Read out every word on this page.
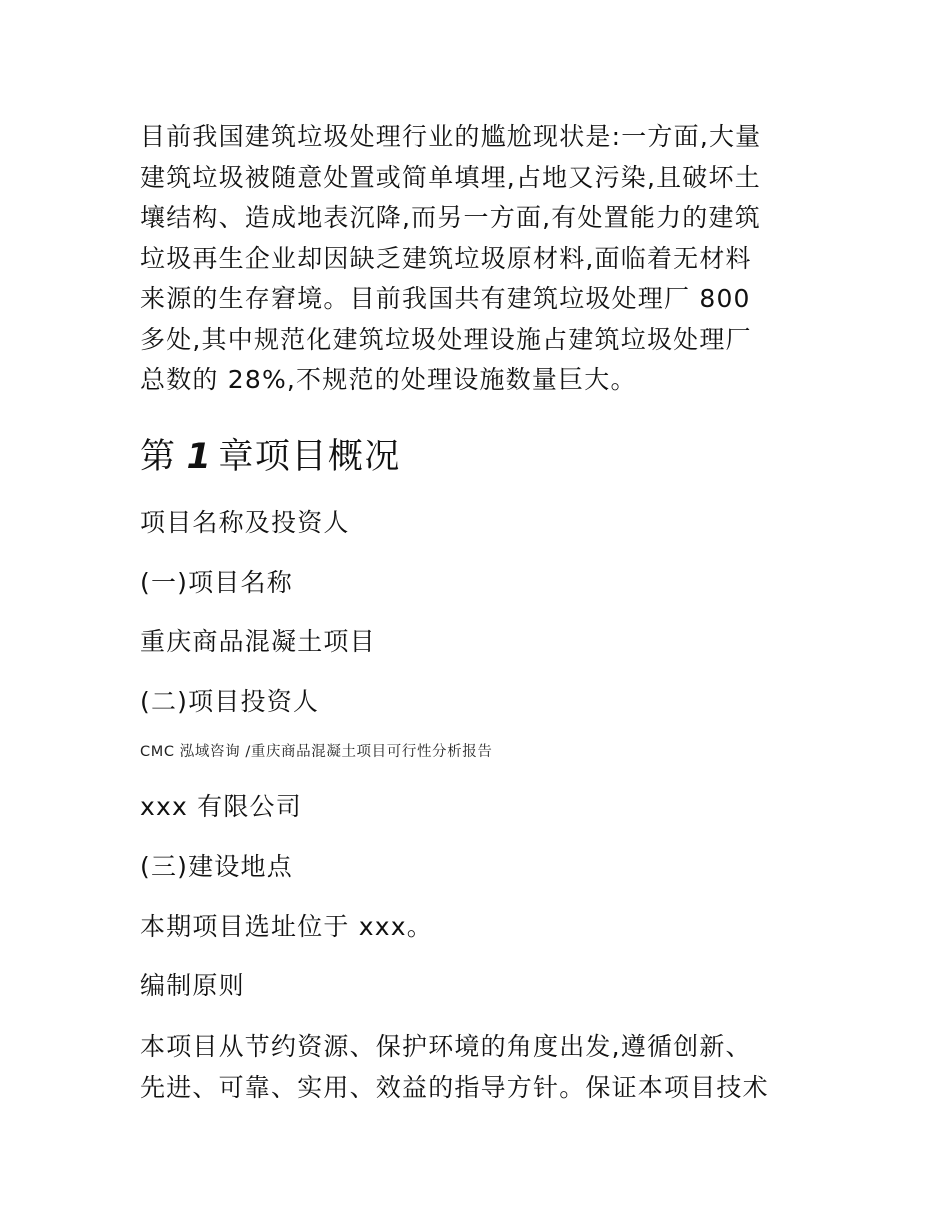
目前我国建筑垃圾处理行业的尴尬现状是:一方面,大量
建筑垃圾被随意处置或简单填埋,占地又污染,且破坏土
壤结构、造成地表沉降,而另一方面,有处置能力的建筑
垃圾再生企业却因缺乏建筑垃圾原材料,面临着无材料
来源的生存窘境。目前我国共有建筑垃圾处理厂 800
多处,其中规范化建筑垃圾处理设施占建筑垃圾处理厂
总数的 28%,不规范的处理设施数量巨大。
第 1 章项目概况

项目名称及投资人

(一)项目名称

重庆商品混凝土项目

(二)项目投资人

CMC 泓域咨询 /重庆商品混凝土项目可行性分析报告

xxx 有限公司

(三)建设地点

本期项目选址位于 xxx。

编制原则

本项目从节约资源、保护环境的角度出发,遵循创新、
先进、可靠、实用、效益的指导方针。保证本项目技术
